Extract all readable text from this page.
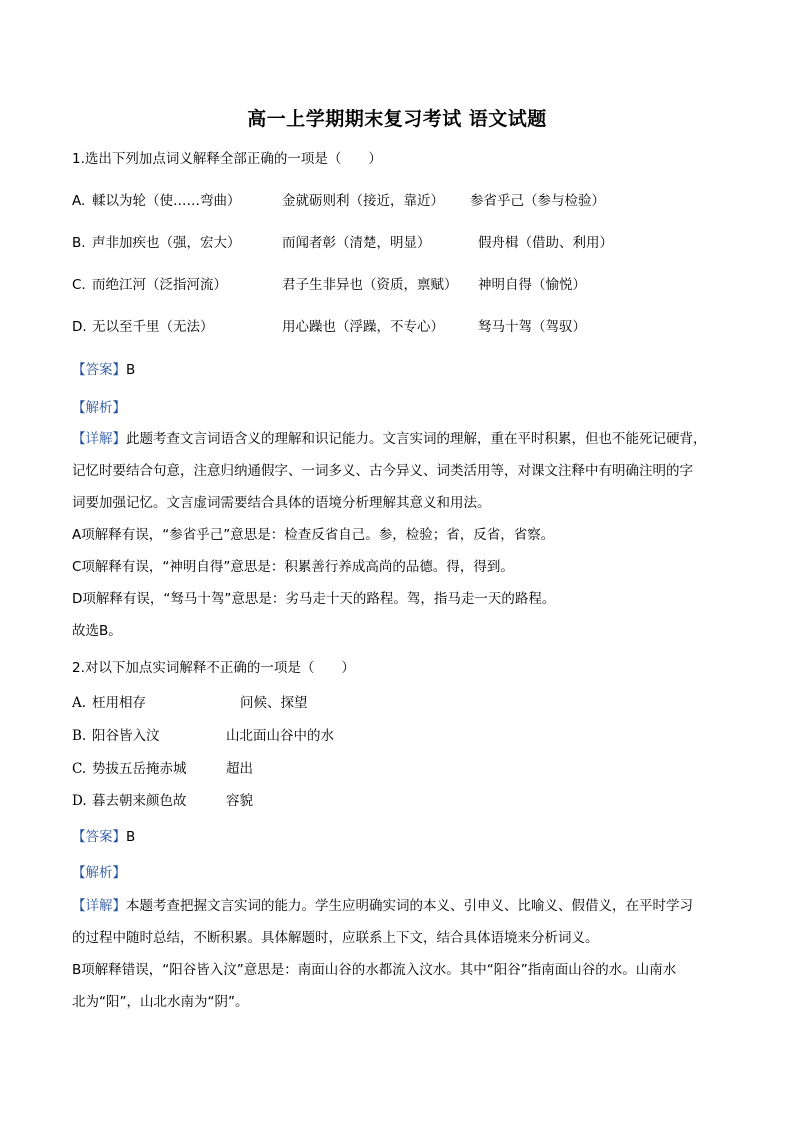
高一上学期期末复习考试 语文试题
1.选出下列加点词义解释全部正确的一项是（　　）
A. 輮以为轮（使……弯曲）	金就砺则利（接近，靠近） 参省乎己（参与检验）
B. 声非加疾也（强，宏大）	而闻者彰（清楚，明显）	假舟楫（借助、利用）
C. 而绝江河（泛指河流）	君子生非异也（资质，禀赋） 神明自得（愉悦）
D. 无以至千里（无法）	用心躁也（浮躁，不专心）	驽马十驾（驾驭）
【答案】B
【解析】

【详解】此题考查文言词语含义的理解和识记能力。文言实词的理解，重在平时积累，但也不能死记硬背，

记忆时要结合句意，注意归纳通假字、一词多义、古今异义、词类活用等，对课文注释中有明确注明的字

词要加强记忆。文言虚词需要结合具体的语境分析理解其意义和用法。

A项解释有误，“参省乎己”意思是：检查反省自己。参，检验；省，反省，省察。

C项解释有误，“神明自得”意思是：积累善行养成高尚的品德。得，得到。

D项解释有误，“驽马十驾”意思是：劣马走十天的路程。驾，指马走一天的路程。

故选B。

2.对以下加点实词解释不正确的一项是（　　）
A. 枉用相存	问候、探望
B. 阳谷皆入汶	山北面山谷中的水
C. 势拔五岳掩赤城	超出
D. 暮去朝来颜色故	容貌
【答案】B
【解析】

【详解】本题考查把握文言实词的能力。学生应明确实词的本义、引申义、比喻义、假借义，在平时学习

的过程中随时总结，不断积累。具体解题时，应联系上下文，结合具体语境来分析词义。

B项解释错误，“阳谷皆入汶”意思是：南面山谷的水都流入汶水。其中“阳谷”指南面山谷的水。山南水

北为“阳”，山北水南为“阴”。
